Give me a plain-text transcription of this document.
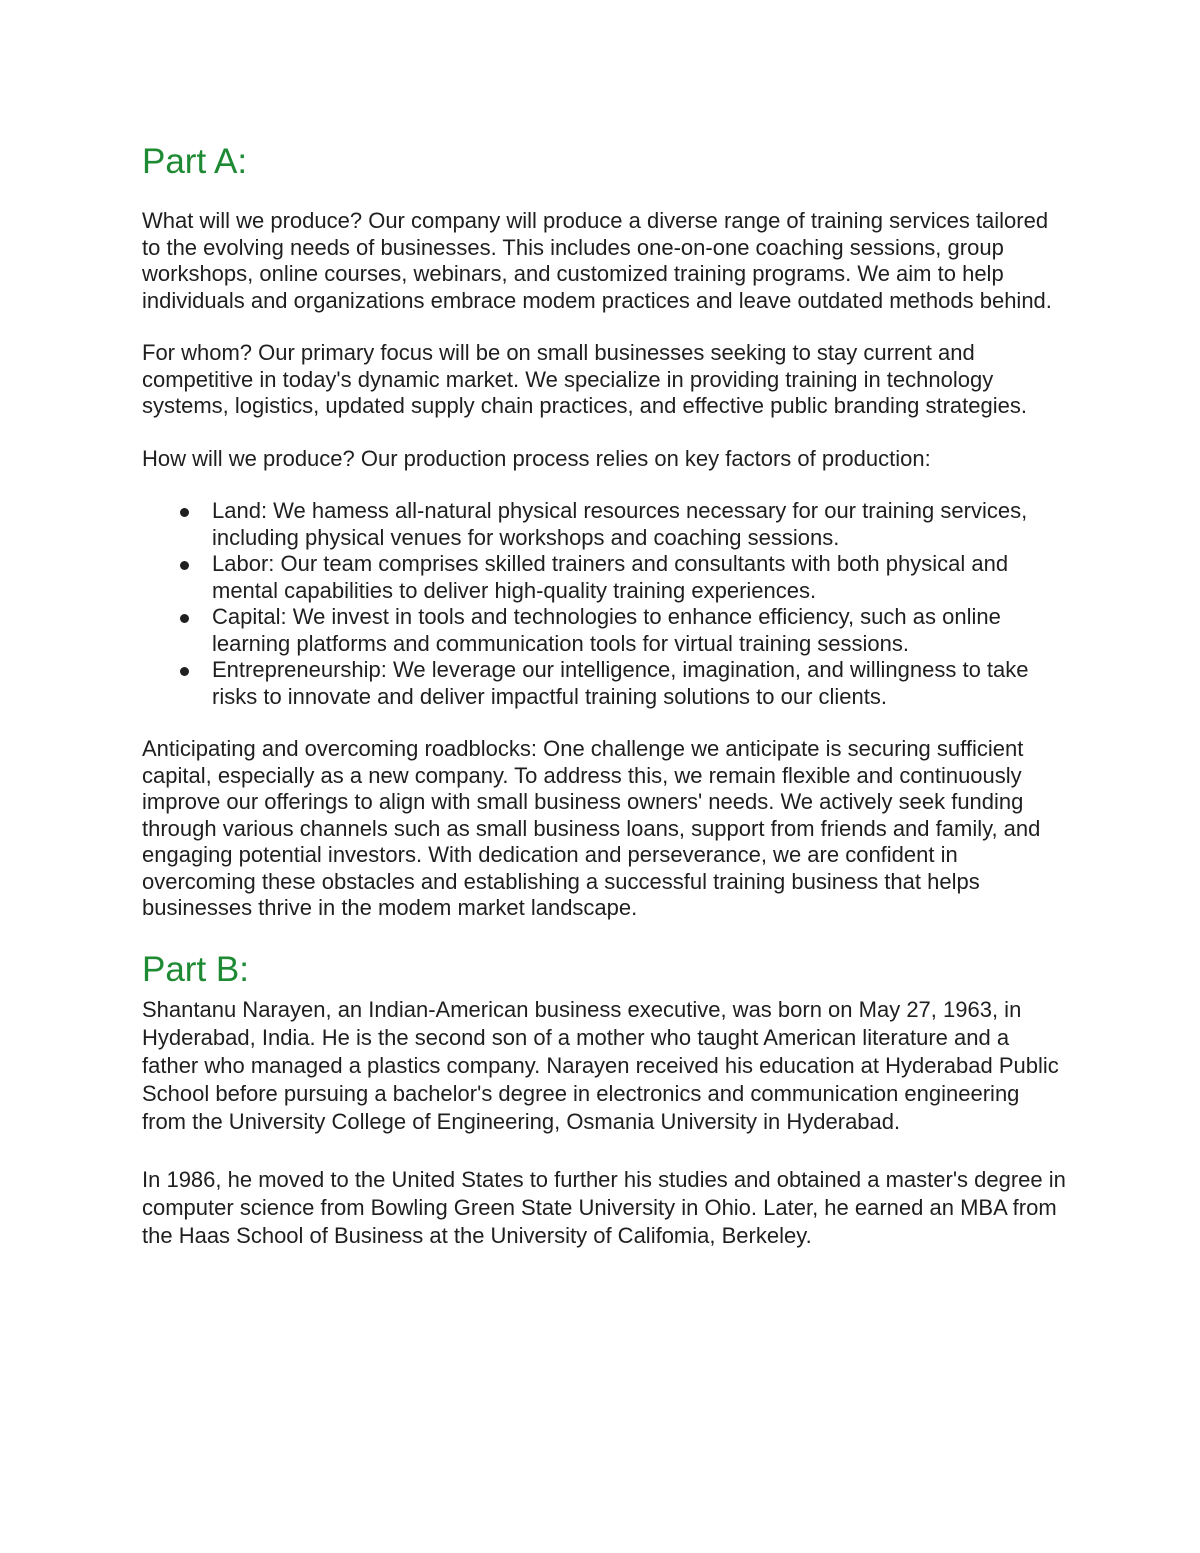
Part A:

What will we produce? Our company will produce a diverse range of training services tailored to the evolving needs of businesses. This includes one-on-one coaching sessions, group workshops, online courses, webinars, and customized training programs. We aim to help individuals and organizations embrace modem practices and leave outdated methods behind.

For whom? Our primary focus will be on small businesses seeking to stay current and competitive in today's dynamic market. We specialize in providing training in technology systems, logistics, updated supply chain practices, and effective public branding strategies.

How will we produce? Our production process relies on key factors of production:

Land: We hamess all-natural physical resources necessary for our training services, including physical venues for workshops and coaching sessions.
Labor: Our team comprises skilled trainers and consultants with both physical and mental capabilities to deliver high-quality training experiences.
Capital: We invest in tools and technologies to enhance efficiency, such as online learning platforms and communication tools for virtual training sessions.
Entrepreneurship: We leverage our intelligence, imagination, and willingness to take risks to innovate and deliver impactful training solutions to our clients.

Anticipating and overcoming roadblocks: One challenge we anticipate is securing sufficient capital, especially as a new company. To address this, we remain flexible and continuously improve our offerings to align with small business owners' needs. We actively seek funding through various channels such as small business loans, support from friends and family, and engaging potential investors. With dedication and perseverance, we are confident in overcoming these obstacles and establishing a successful training business that helps businesses thrive in the modem market landscape.

Part B:

Shantanu Narayen, an Indian-American business executive, was born on May 27, 1963, in Hyderabad, India. He is the second son of a mother who taught American literature and a father who managed a plastics company. Narayen received his education at Hyderabad Public School before pursuing a bachelor's degree in electronics and communication engineering from the University College of Engineering, Osmania University in Hyderabad.

In 1986, he moved to the United States to further his studies and obtained a master's degree in computer science from Bowling Green State University in Ohio. Later, he earned an MBA from the Haas School of Business at the University of Califomia, Berkeley.
